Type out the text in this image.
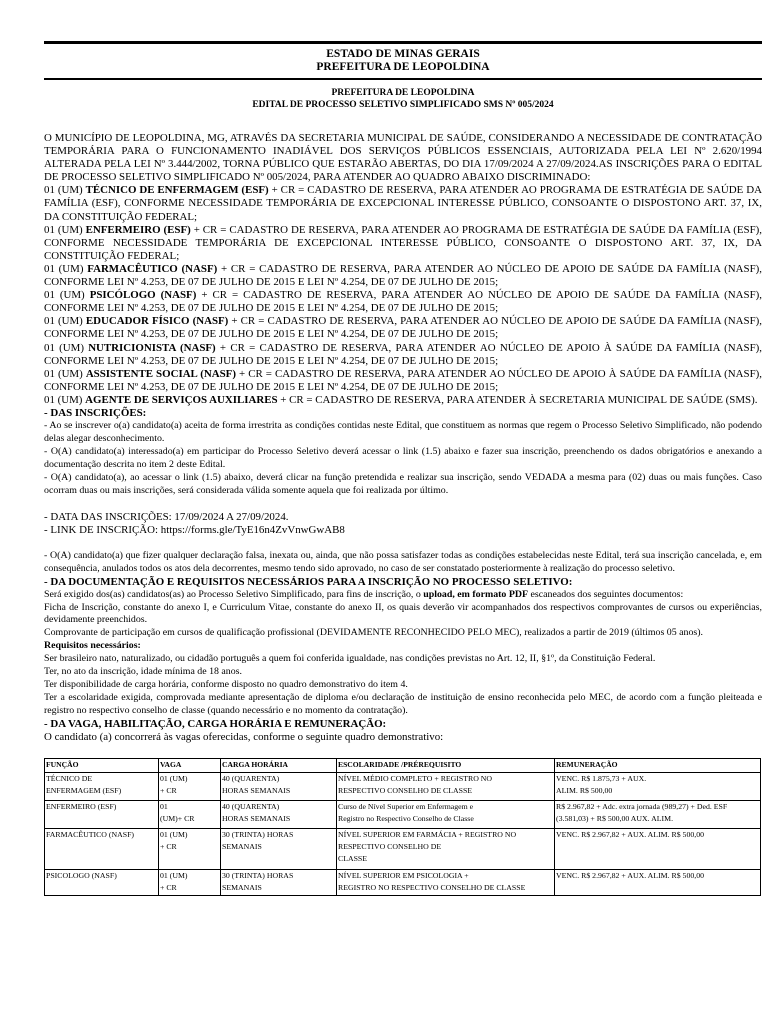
ESTADO DE MINAS GERAIS
PREFEITURA DE LEOPOLDINA
PREFEITURA DE LEOPOLDINA
EDITAL DE PROCESSO SELETIVO SIMPLIFICADO SMS Nº 005/2024

O MUNICÍPIO DE LEOPOLDINA, MG, ATRAVÉS DA SECRETARIA MUNICIPAL DE SAÚDE, CONSIDERANDO A NECESSIDADE DE CONTRATAÇÃO TEMPORÁRIA PARA O FUNCIONAMENTO INADIÁVEL DOS SERVIÇOS PÚBLICOS ESSENCIAIS, AUTORIZADA PELA LEI Nº 2.620/1994 ALTERADA PELA LEI Nº 3.444/2002, TORNA PÚBLICO QUE ESTARÃO ABERTAS, DO DIA 17/09/2024 A 27/09/2024.AS INSCRIÇÕES PARA O EDITAL DE PROCESSO SELETIVO SIMPLIFICADO Nº 005/2024, PARA ATENDER AO QUADRO ABAIXO DISCRIMINADO:

01 (UM) TÉCNICO DE ENFERMAGEM (ESF) + CR = CADASTRO DE RESERVA, PARA ATENDER AO PROGRAMA DE ESTRATÉGIA DE SAÚDE DA FAMÍLIA (ESF), CONFORME NECESSIDADE TEMPORÁRIA DE EXCEPCIONAL INTERESSE PÚBLICO, CONSOANTE O DISPOSTONO ART. 37, IX, DA CONSTITUIÇÃO FEDERAL;

01 (UM) ENFERMEIRO (ESF) + CR = CADASTRO DE RESERVA, PARA ATENDER AO PROGRAMA DE ESTRATÉGIA DE SAÚDE DA FAMÍLIA (ESF), CONFORME NECESSIDADE TEMPORÁRIA DE EXCEPCIONAL INTERESSE PÚBLICO, CONSOANTE O DISPOSTONO ART. 37, IX, DA CONSTITUIÇÃO FEDERAL;

01 (UM) FARMACÊUTICO (NASF) + CR = CADASTRO DE RESERVA, PARA ATENDER AO NÚCLEO DE APOIO DE SAÚDE DA FAMÍLIA (NASF), CONFORME LEI Nº 4.253, DE 07 DE JULHO DE 2015 E LEI Nº 4.254, DE 07 DE JULHO DE 2015;

01 (UM) PSICÓLOGO (NASF) + CR = CADASTRO DE RESERVA, PARA ATENDER AO NÚCLEO DE APOIO DE SAÚDE DA FAMÍLIA (NASF), CONFORME LEI Nº 4.253, DE 07 DE JULHO DE 2015 E LEI Nº 4.254, DE 07 DE JULHO DE 2015;

01 (UM) EDUCADOR FÍSICO (NASF) + CR = CADASTRO DE RESERVA, PARA ATENDER AO NÚCLEO DE APOIO DE SAÚDE DA FAMÍLIA (NASF), CONFORME LEI Nº 4.253, DE 07 DE JULHO DE 2015 E LEI Nº 4.254, DE 07 DE JULHO DE 2015;

01 (UM) NUTRICIONISTA (NASF) + CR = CADASTRO DE RESERVA, PARA ATENDER AO NÚCLEO DE APOIO À SAÚDE DA FAMÍLIA (NASF), CONFORME LEI Nº 4.253, DE 07 DE JULHO DE 2015 E LEI Nº 4.254, DE 07 DE JULHO DE 2015;

01 (UM) ASSISTENTE SOCIAL (NASF) + CR = CADASTRO DE RESERVA, PARA ATENDER AO NÚCLEO DE APOIO À SAÚDE DA FAMÍLIA (NASF), CONFORME LEI Nº 4.253, DE 07 DE JULHO DE 2015 E LEI Nº 4.254, DE 07 DE JULHO DE 2015;

01 (UM) AGENTE DE SERVIÇOS AUXILIARES + CR = CADASTRO DE RESERVA, PARA ATENDER À SECRETARIA MUNICIPAL DE SAÚDE (SMS).

- DAS INSCRIÇÕES:

- Ao se inscrever o(a) candidato(a) aceita de forma irrestrita as condições contidas neste Edital, que constituem as normas que regem o Processo Seletivo Simplificado, não podendo delas alegar desconhecimento.

- O(A) candidato(a) interessado(a) em participar do Processo Seletivo deverá acessar o link (1.5) abaixo e fazer sua inscrição, preenchendo os dados obrigatórios e anexando a documentação descrita no item 2 deste Edital.

- O(A) candidato(a), ao acessar o link (1.5) abaixo, deverá clicar na função pretendida e realizar sua inscrição, sendo VEDADA a mesma para (02) duas ou mais funções. Caso ocorram duas ou mais inscrições, será considerada válida somente aquela que foi realizada por último.

- DATA DAS INSCRIÇÕES: 17/09/2024 A 27/09/2024.

- LINK DE INSCRIÇÃO: https://forms.gle/TyE16n4ZvVnwGwAB8

- O(A) candidato(a) que fizer qualquer declaração falsa, inexata ou, ainda, que não possa satisfazer todas as condições estabelecidas neste Edital, terá sua inscrição cancelada, e, em consequência, anulados todos os atos dela decorrentes, mesmo tendo sido aprovado, no caso de ser constatado posteriormente à realização do processo seletivo.

- DA DOCUMENTAÇÃO E REQUISITOS NECESSÁRIOS PARA A INSCRIÇÃO NO PROCESSO SELETIVO:

Será exigido dos(as) candidatos(as) ao Processo Seletivo Simplificado, para fins de inscrição, o upload, em formato PDF escaneados dos seguintes documentos:

Ficha de Inscrição, constante do anexo I, e Curriculum Vitae, constante do anexo II, os quais deverão vir acompanhados dos respectivos comprovantes de cursos ou experiências, devidamente preenchidos.

Comprovante de participação em cursos de qualificação profissional (DEVIDAMENTE RECONHECIDO PELO MEC), realizados a partir de 2019 (últimos 05 anos).

Requisitos necessários:

Ser brasileiro nato, naturalizado, ou cidadão português a quem foi conferida igualdade, nas condições previstas no Art. 12, II, §1º, da Constituição Federal.

Ter, no ato da inscrição, idade mínima de 18 anos.

Ter disponibilidade de carga horária, conforme disposto no quadro demonstrativo do item 4.

Ter a escolaridade exigida, comprovada mediante apresentação de diploma e/ou declaração de instituição de ensino reconhecida pelo MEC, de acordo com a função pleiteada e registro no respectivo conselho de classe (quando necessário e no momento da contratação).

- DA VAGA, HABILITAÇÃO, CARGA HORÁRIA E REMUNERAÇÃO:

O candidato (a) concorrerá às vagas oferecidas, conforme o seguinte quadro demonstrativo:

FUNÇÃO	VAGA	CARGA HORÁRIA	ESCOLARIDADE /PRÉREQUISITO	REMUNERAÇÃO

TÉCNICO DE
ENFERMAGEM (ESF)	01 (UM)
+ CR	40 (QUARENTA)
HORAS SEMANAIS	NÍVEL MÉDIO COMPLETO + REGISTRO NO
RESPECTIVO CONSELHO DE CLASSE	VENC. R$ 1.875,73 + AUX.
ALIM. R$ 500,00

ENFERMEIRO (ESF)	01
(UM)+ CR	40 (QUARENTA)
HORAS SEMANAIS	Curso de Nível Superior em Enfermagem e
Registro no Respectivo Conselho de Classe	R$ 2.967,82 + Adc. extra jornada (989,27) + Ded. ESF
(3.581,03) + R$ 500,00 AUX. ALIM.

FARMACÊUTICO (NASF)	01 (UM)
+ CR	30 (TRINTA) HORAS SEMANAIS	NÍVEL SUPERIOR EM FARMÁCIA + REGISTRO NO
RESPECTIVO CONSELHO DE
CLASSE	VENC. R$ 2.967,82 + AUX. ALIM. R$ 500,00

PSICOLOGO (NASF)	01 (UM)
+ CR	30 (TRINTA) HORAS SEMANAIS	NÍVEL SUPERIOR EM PSICOLOGIA +
REGISTRO NO RESPECTIVO CONSELHO DE CLASSE	VENC. R$ 2.967,82 + AUX. ALIM. R$ 500,00
